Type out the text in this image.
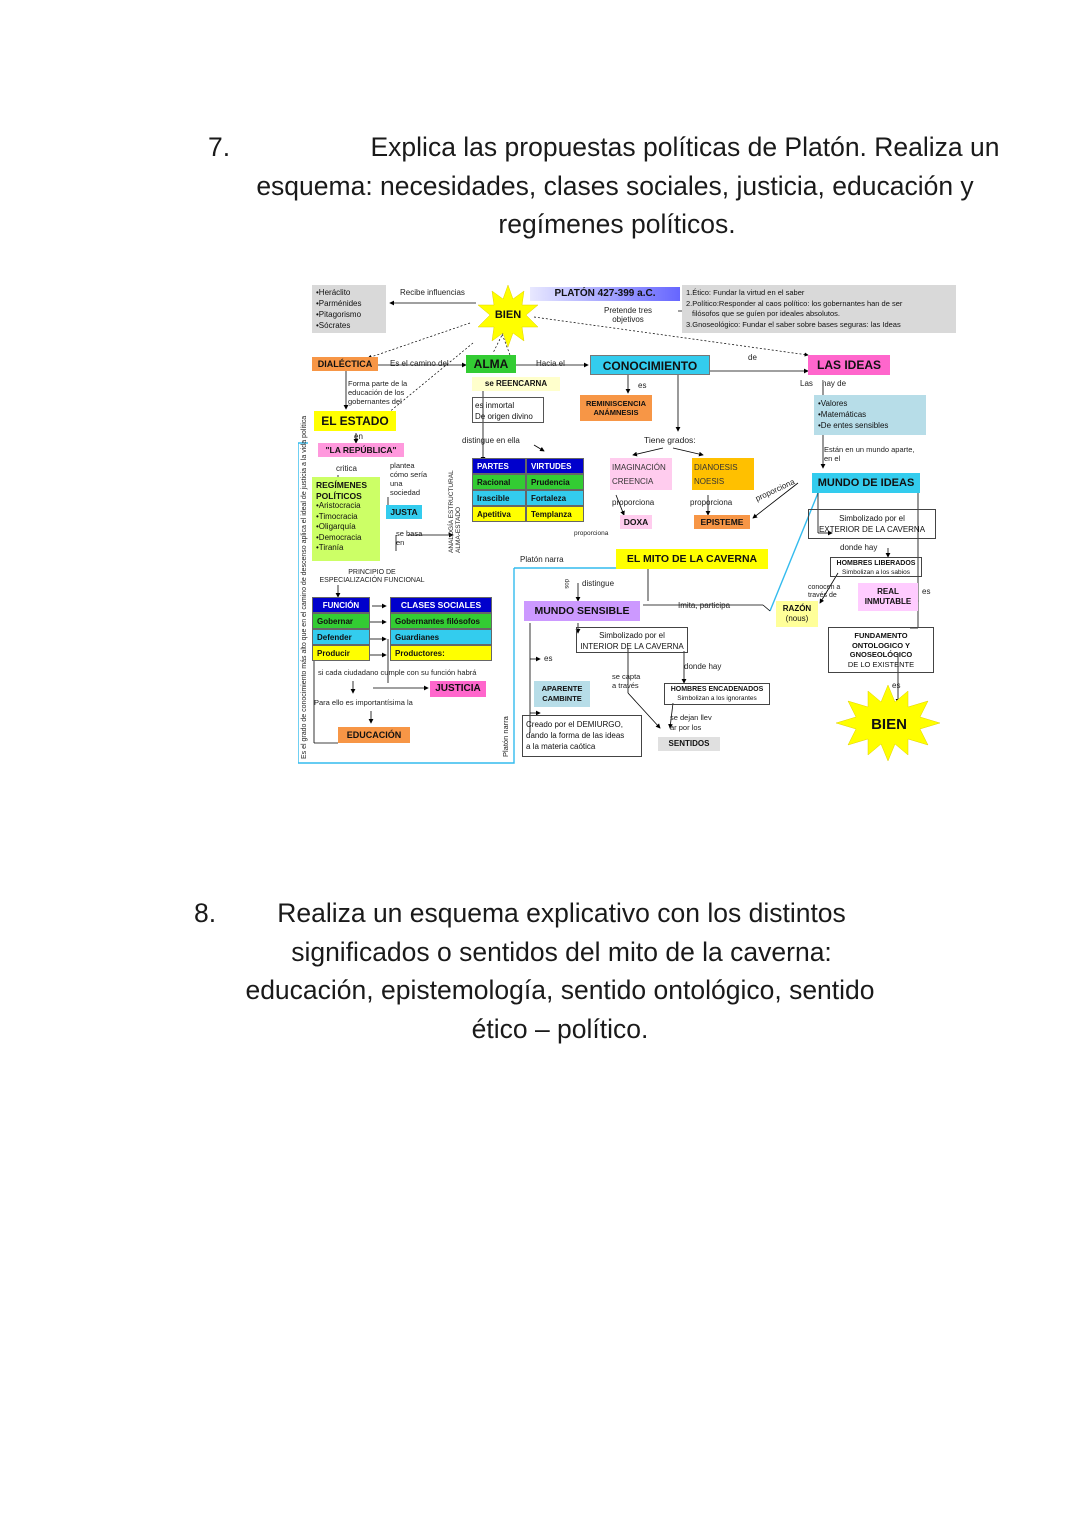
7.	Explica las propuestas políticas de Platón. Realiza un
esquema: necesidades, clases sociales, justicia, educación y
regímenes políticos.
•Heráclito
•Parménides
•Pitagorismo
•Sócrates
Recibe influencias
BIEN
PLATÓN 427-399 a.C.
Pretende tres
objetivos
1.Ético: Fundar la virtud en el saber
2.Político:Responder al caos político: los gobernantes han de ser
filósofos que se guíen por ideales absolutos.
3.Gnoseológico: Fundar el saber sobre bases seguras: las Ideas
DIALÉCTICA	Es el camino del	ALMA	Hacia el	CONOCIMIENTO
de
LAS IDEAS
Forma parte de la
educación de los
gobernantes del
se REENCARNA	es
REMINISCENCIA
ANÁMNESIS
Las hay de
es inmortal
De origen divino
•Valores
•Matemáticas
•De entes sensibles
EL ESTADO
en
"LA REPÚBLICA"
distingue en ella	Tiene grados:
Están en un mundo aparte,
en el
critica	plantea
cómo sería
una
sociedad	ANALOGÍA ESTRUCTURAL ALMA-ESTADO
PARTES	VIRTUDES
Racional	Prudencia
Irascible	Fortaleza
Apetitiva	Templanza
IMAGINACIÓN
CREENCIA
DIANOESIS
NOESIS	MUNDO DE IDEAS
REGÍMENES
POLÍTICOS
•Aristocracia
•Timocracia
•Oligarquía
•Democracia
•Tiranía
JUSTA
proporciona	proporciona	proporciona
proporciona
DOXA	EPISTEME	Simbolizado por el
EXTERIOR DE LA CAVERNA
se basa
en
Platón narra	EL MITO DE LA CAVERNA
donde hay
HOMBRES LIBERADOS
Simbolizan a los sabios
PRINCIPIO DE
ESPECIALIZACIÓN FUNCIONAL	distingue
dos	conocen a
través de
FUNCIÓN	CLASES SOCIALES
Gobernar	Gobernantes filósofos
Defender	Guardianes
Producir	Productores:
MUNDO SENSIBLE	Imita, participa	RAZÓN
(nous)
REAL
INMUTABLE
es
Simbolizado por el
INTERIOR DE LA CAVERNA
FUNDAMENTO
ONTOLOGICO Y
GNOSEOLÓGICO
DE LO EXISTENTE
si cada ciudadano cumple con su función habrá
JUSTICIA
es
donde hay
APARENTE
CAMBINTE
se capta
a través	HOMBRES ENCADENADOS
Simbolizan a los ignorantes
es
Para ello es importantísima la
se dejan llev
ar por los	BIEN
EDUCACIÓN
Creado por el DEMIURGO,
dando la forma de las ideas
a la materia caótica	SENTIDOS
Es el grado de conocimiento más alto que en el camino de descenso aplica el ideal de justicia a la vida política	Platón narra
8.	Realiza un esquema explicativo con los distintos
significados o sentidos del mito de la caverna:
educación, epistemología, sentido ontológico, sentido
ético – político.
